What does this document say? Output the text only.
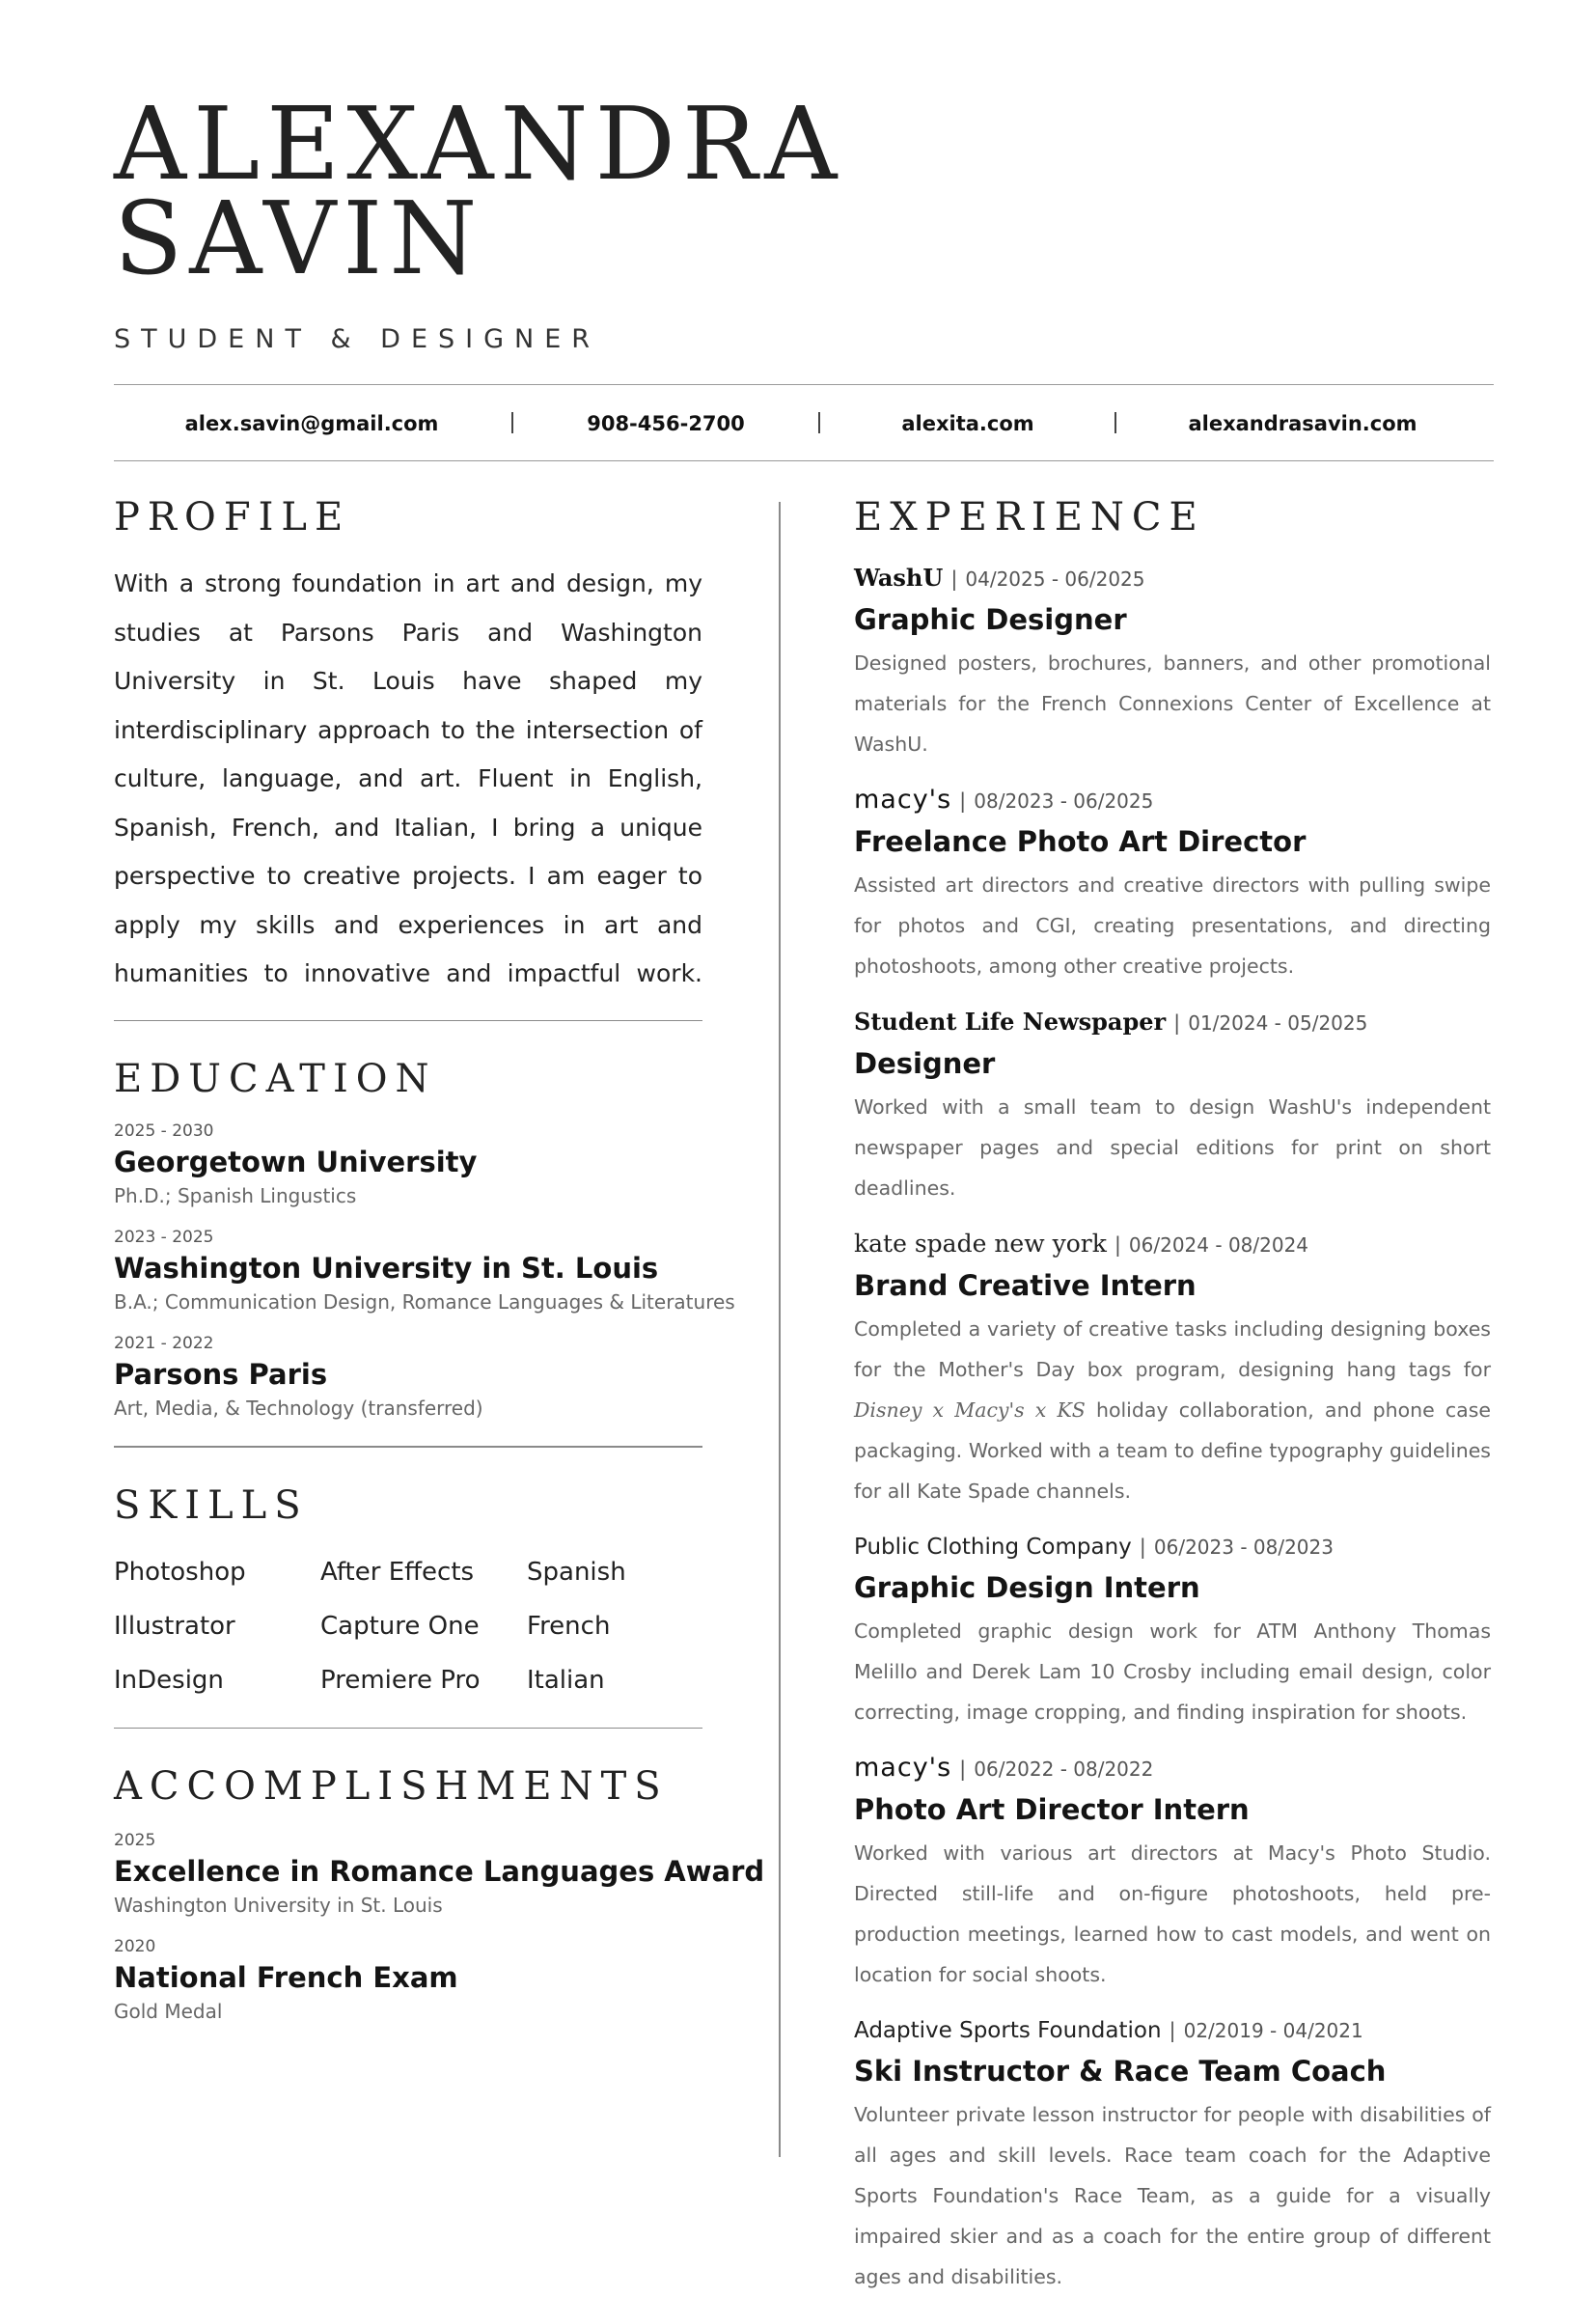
ALEXANDRA
SAVIN
STUDENT & DESIGNER
alex.savin@gmail.com	908-456-2700	alexita.com	alexandrasavin.com
PROFILE
With a strong foundation in art and design, my studies at Parsons Paris and Washington University in St. Louis have shaped my interdisciplinary approach to the intersection of culture, language, and art. Fluent in English, Spanish, French, and Italian, I bring a unique perspective to creative projects. I am eager to apply my skills and experiences in art and humanities to innovative and impactful work.
EDUCATION
2025 - 2030
Georgetown University
Ph.D.; Spanish Lingustics
2023 - 2025
Washington University in St. Louis
B.A.; Communication Design, Romance Languages & Literatures
2021 - 2022
Parsons Paris
Art, Media, & Technology (transferred)
SKILLS
Photoshop	After Effects	Spanish
Illustrator	Capture One	French
InDesign	Premiere Pro	Italian
ACCOMPLISHMENTS
2025
Excellence in Romance Languages Award
Washington University in St. Louis
2020
National French Exam
Gold Medal
EXPERIENCE
WashU | 04/2025 - 06/2025
Graphic Designer
Designed posters, brochures, banners, and other promotional materials for the French Connexions Center of Excellence at WashU.
macy's | 08/2023 - 06/2025
Freelance Photo Art Director
Assisted art directors and creative directors with pulling swipe for photos and CGI, creating presentations, and directing photoshoots, among other creative projects.
Student Life Newspaper | 01/2024 - 05/2025
Designer
Worked with a small team to design WashU's independent newspaper pages and special editions for print on short deadlines.
kate spade new york | 06/2024 - 08/2024
Brand Creative Intern
Completed a variety of creative tasks including designing boxes for the Mother's Day box program, designing hang tags for Disney x Macy's x KS holiday collaboration, and phone case packaging. Worked with a team to define typography guidelines for all Kate Spade channels.
Public Clothing Company | 06/2023 - 08/2023
Graphic Design Intern
Completed graphic design work for ATM Anthony Thomas Melillo and Derek Lam 10 Crosby including email design, color correcting, image cropping, and finding inspiration for shoots.
macy's | 06/2022 - 08/2022
Photo Art Director Intern
Worked with various art directors at Macy's Photo Studio. Directed still-life and on-figure photoshoots, held pre-production meetings, learned how to cast models, and went on location for social shoots.
Adaptive Sports Foundation | 02/2019 - 04/2021
Ski Instructor & Race Team Coach
Volunteer private lesson instructor for people with disabilities of all ages and skill levels. Race team coach for the Adaptive Sports Foundation's Race Team, as a guide for a visually impaired skier and as a coach for the entire group of different ages and disabilities.
